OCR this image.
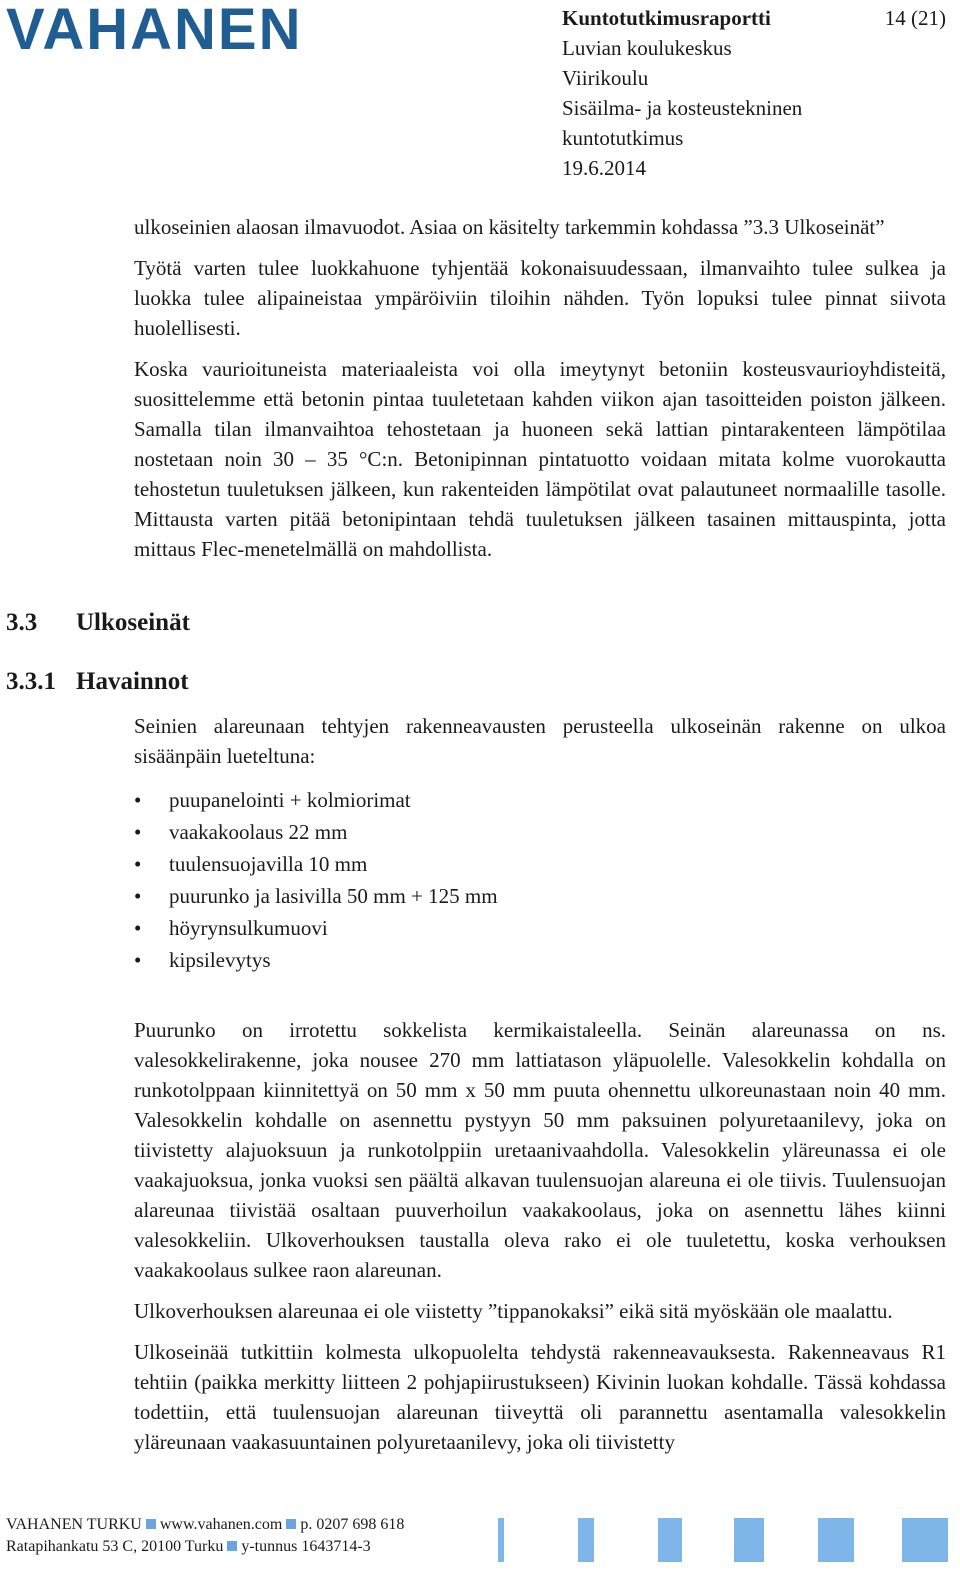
VAHANEN	Kuntotutkimusraportti
Luvian koulukeskus
Viirikoulu
Sisäilma- ja kosteustekninen
kuntotutkimus
19.6.2014
14 (21)

ulkoseinien alaosan ilmavuodot. Asiaa on käsitelty tarkemmin kohdassa ”3.3 Ulkoseinät”

Työtä varten tulee luokkahuone tyhjentää kokonaisuudessaan, ilmanvaihto tulee sulkea ja luokka tulee alipaineistaa ympäröiviin tiloihin nähden. Työn lopuksi tulee pinnat siivota huolellisesti.

Koska vaurioituneista materiaaleista voi olla imeytynyt betoniin kosteusvaurioyhdisteitä, suosittelemme että betonin pintaa tuuletetaan kahden viikon ajan tasoitteiden poiston jälkeen. Samalla tilan ilmanvaihtoa tehostetaan ja huoneen sekä lattian pintarakenteen lämpötilaa nostetaan noin 30 – 35 °C:n. Betonipinnan pintatuotto voidaan mitata kolme vuorokautta tehostetun tuuletuksen jälkeen, kun rakenteiden lämpötilat ovat palautuneet normaalille tasolle. Mittausta varten pitää betonipintaan tehdä tuuletuksen jälkeen tasainen mittauspinta, jotta mittaus Flec-menetelmällä on mahdollista.

3.3 Ulkoseinät
3.3.1 Havainnot

Seinien alareunaan tehtyjen rakenneavausten perusteella ulkoseinän rakenne on ulkoa sisäänpäin lueteltuna:

• puupanelointi + kolmiorimat
• vaakakoolaus 22 mm
• tuulensuojavilla 10 mm
• puurunko ja lasivilla 50 mm + 125 mm
• höyrynsulkumuovi
• kipsilevytys

Puurunko on irrotettu sokkelista kermikaistaleella. Seinän alareunassa on ns. valesokkelirakenne, joka nousee 270 mm lattiatason yläpuolelle. Valesokkelin kohdalla on runkotolppaan kiinnitettyä on 50 mm x 50 mm puuta ohennettu ulkoreunastaan noin 40 mm. Valesokkelin kohdalle on asennettu pystyyn 50 mm paksuinen polyuretaanilevy, joka on tiivistetty alajuoksuun ja runkotolppiin uretaanivaahdolla. Valesokkelin yläreunassa ei ole vaakajuoksua, jonka vuoksi sen päältä alkavan tuulensuojan alareuna ei ole tiivis. Tuulensuojan alareunaa tiivistää osaltaan puuverhoilun vaakakoolaus, joka on asennettu lähes kiinni valesokkeliin. Ulkoverhouksen taustalla oleva rako ei ole tuuletettu, koska verhouksen vaakakoolaus sulkee raon alareunan.

Ulkoverhouksen alareunaa ei ole viistetty ”tippanokaksi” eikä sitä myöskään ole maalattu.

Ulkoseinää tutkittiin kolmesta ulkopuolelta tehdystä rakenneavauksesta. Rakenneavaus R1 tehtiin (paikka merkitty liitteen 2 pohjapiirustukseen) Kivinin luokan kohdalle. Tässä kohdassa todettiin, että tuulensuojan alareunan tiiveyttä oli parannettu asentamalla valesokkelin yläreunaan vaakasuuntainen polyuretaanilevy, joka oli tiivistetty

VAHANEN TURKU www.vahanen.com p. 0207 698 618
Ratapihankatu 53 C, 20100 Turku y-tunnus 1643714-3
